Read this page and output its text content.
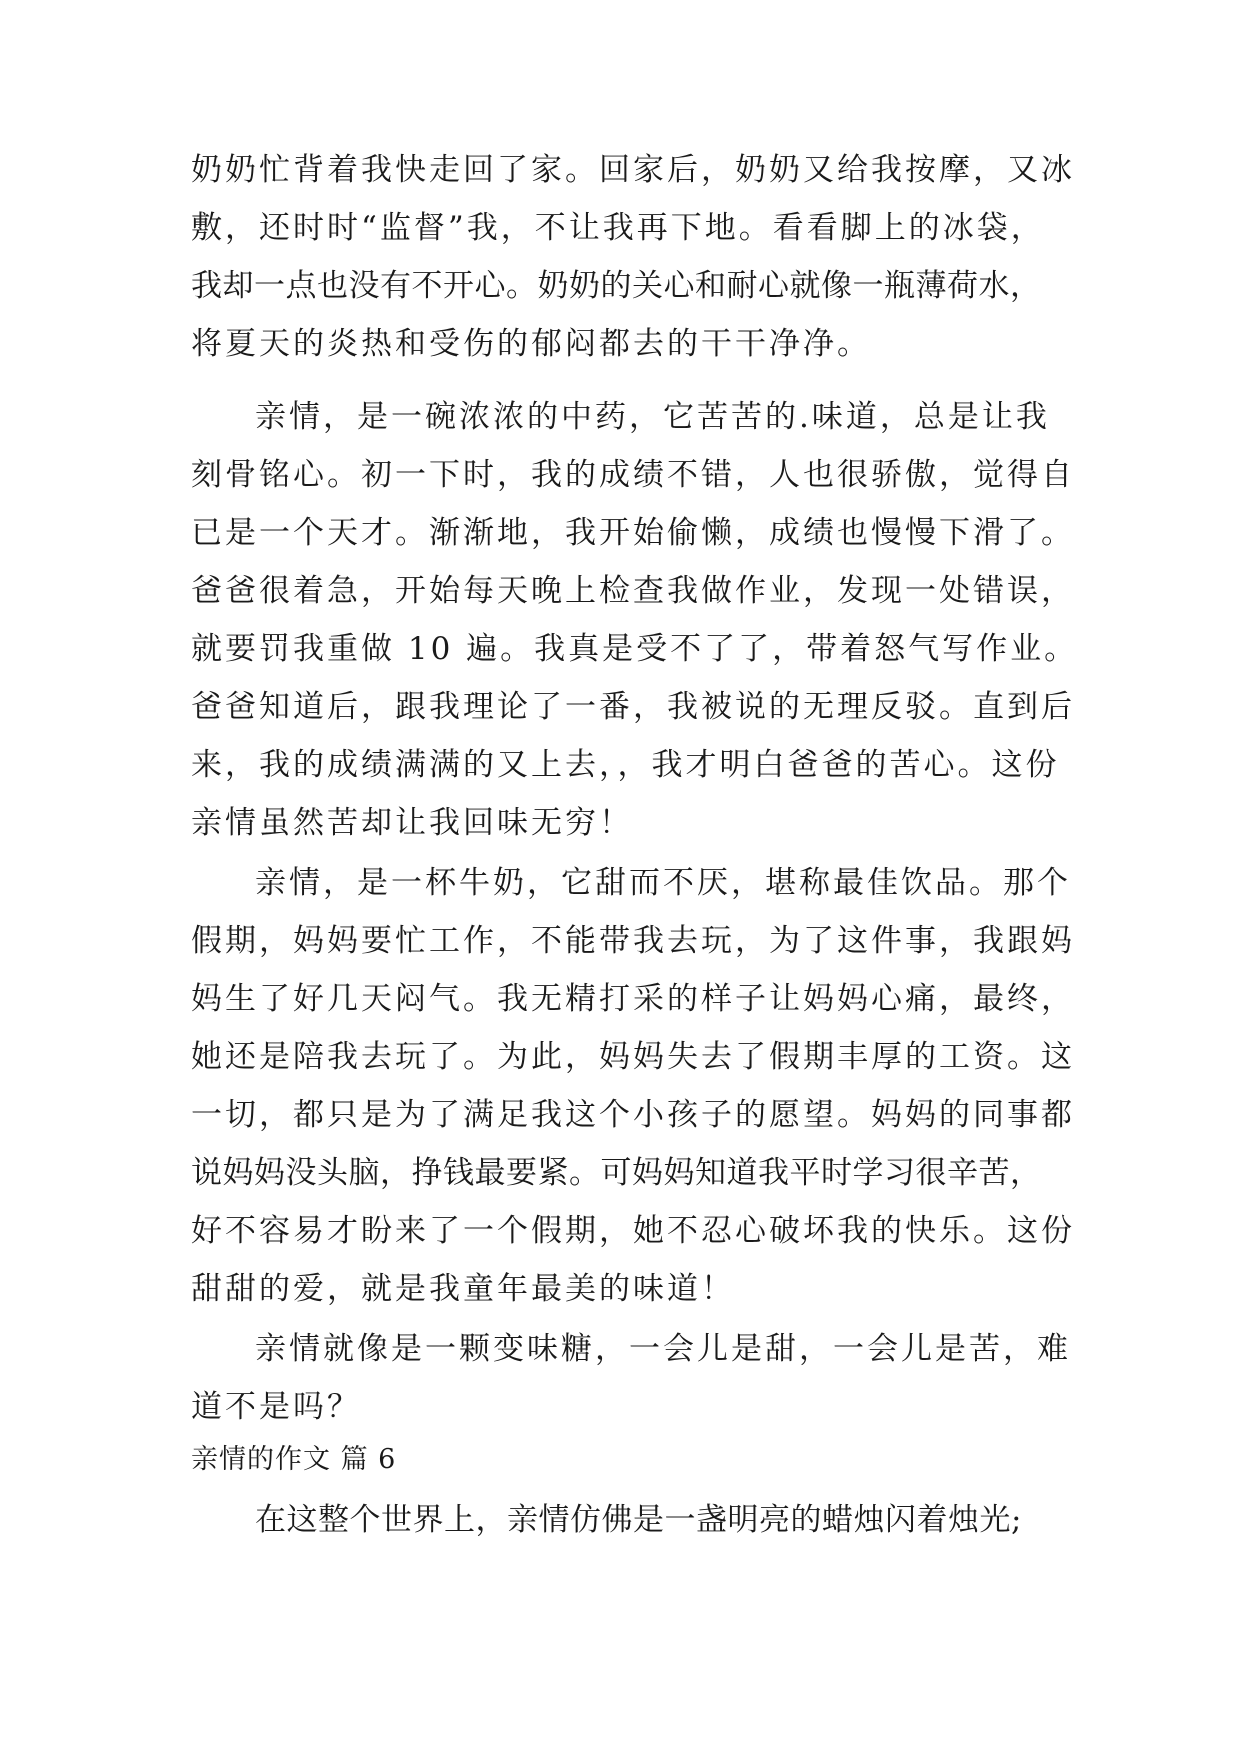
奶奶忙背着我快走回了家。回家后，奶奶又给我按摩，又冰
敷，还时时“监督”我，不让我再下地。看看脚上的冰袋，
我却一点也没有不开心。奶奶的关心和耐心就像一瓶薄荷水，
将夏天的炎热和受伤的郁闷都去的干干净净。
亲情，是一碗浓浓的中药，它苦苦的.味道，总是让我
刻骨铭心。初一下时，我的成绩不错，人也很骄傲，觉得自
已是一个天才。渐渐地，我开始偷懒，成绩也慢慢下滑了。
爸爸很着急，开始每天晚上检查我做作业，发现一处错误，
就要罚我重做 10 遍。我真是受不了了，带着怒气写作业。
爸爸知道后，跟我理论了一番，我被说的无理反驳。直到后
来，我的成绩满满的又上去，，我才明白爸爸的苦心。这份
亲情虽然苦却让我回味无穷！
亲情，是一杯牛奶，它甜而不厌，堪称最佳饮品。那个
假期，妈妈要忙工作，不能带我去玩，为了这件事，我跟妈
妈生了好几天闷气。我无精打采的样子让妈妈心痛，最终，
她还是陪我去玩了。为此，妈妈失去了假期丰厚的工资。这
一切，都只是为了满足我这个小孩子的愿望。妈妈的同事都
说妈妈没头脑，挣钱最要紧。可妈妈知道我平时学习很辛苦，
好不容易才盼来了一个假期，她不忍心破坏我的快乐。这份
甜甜的爱，就是我童年最美的味道！
亲情就像是一颗变味糖，一会儿是甜，一会儿是苦，难
道不是吗？
亲情的作文 篇 6
在这整个世界上，亲情仿佛是一盏明亮的蜡烛闪着烛光;
